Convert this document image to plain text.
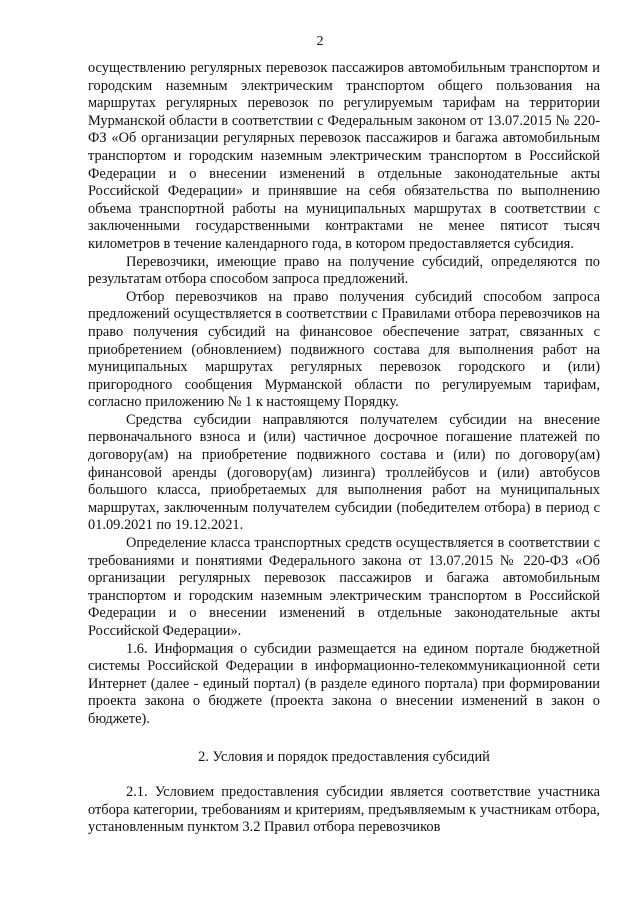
2

осуществлению регулярных перевозок пассажиров автомобильным транспортом и городским наземным электрическим транспортом общего пользования на маршрутах регулярных перевозок по регулируемым тарифам на территории Мурманской области в соответствии с Федеральным законом от 13.07.2015 № 220-ФЗ «Об организации регулярных перевозок пассажиров и багажа автомобильным транспортом и городским наземным электрическим транспортом в Российской Федерации и о внесении изменений в отдельные законодательные акты Российской Федерации» и принявшие на себя обязательства по выполнению объема транспортной работы на муниципальных маршрутах в соответствии с заключенными государственными контрактами не менее пятисот тысяч километров в течение календарного года, в котором предоставляется субсидия.

Перевозчики, имеющие право на получение субсидий, определяются по результатам отбора способом запроса предложений.

Отбор перевозчиков на право получения субсидий способом запроса предложений осуществляется в соответствии с Правилами отбора перевозчиков на право получения субсидий на финансовое обеспечение затрат, связанных с приобретением (обновлением) подвижного состава для выполнения работ на муниципальных маршрутах регулярных перевозок городского и (или) пригородного сообщения Мурманской области по регулируемым тарифам, согласно приложению № 1 к настоящему Порядку.

Средства субсидии направляются получателем субсидии на внесение первоначального взноса и (или) частичное досрочное погашение платежей по договору(ам) на приобретение подвижного состава и (или) по договору(ам) финансовой аренды (договору(ам) лизинга) троллейбусов и (или) автобусов большого класса, приобретаемых для выполнения работ на муниципальных маршрутах, заключенным получателем субсидии (победителем отбора) в период с 01.09.2021 по 19.12.2021.

Определение класса транспортных средств осуществляется в соответствии с требованиями и понятиями Федерального закона от 13.07.2015 № 220-ФЗ «Об организации регулярных перевозок пассажиров и багажа автомобильным транспортом и городским наземным электрическим транспортом в Российской Федерации и о внесении изменений в отдельные законодательные акты Российской Федерации».

1.6. Информация о субсидии размещается на едином портале бюджетной системы Российской Федерации в информационно-телекоммуникационной сети Интернет (далее - единый портал) (в разделе единого портала) при формировании проекта закона о бюджете (проекта закона о внесении изменений в закон о бюджете).

2. Условия и порядок предоставления субсидий

2.1. Условием предоставления субсидии является соответствие участника отбора категории, требованиям и критериям, предъявляемым к участникам отбора, установленным пунктом 3.2 Правил отбора перевозчиков
